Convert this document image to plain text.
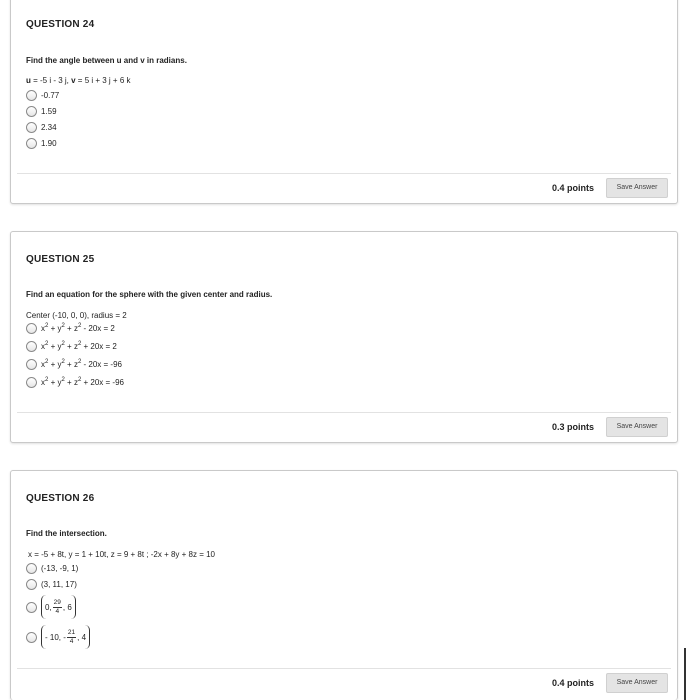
QUESTION 24
Find the angle between u and v in radians.
u = -5 i - 3 j, v = 5 i + 3 j + 6 k
-0.77
1.59
2.34
1.90
0.4 points	Save Answer
QUESTION 25
Find an equation for the sphere with the given center and radius.
Center (-10, 0, 0), radius = 2
$x^2 + y^2 + z^2 - 20x = 2$
$x^2 + y^2 + z^2 + 20x = 2$
$x^2 + y^2 + z^2 - 20x = -96$
$x^2 + y^2 + z^2 + 20x = -96$
0.3 points	Save Answer
QUESTION 26
Find the intersection.
x = -5 + 8t, y = 1 + 10t, z = 9 + 8t ; -2x + 8y + 8z = 10
(-13, -9, 1)
(3, 11, 17)
0, $\frac{29}{4}$ , 6
- 10, - $\frac{21}{4}$ , 4
0.4 points	Save Answer
